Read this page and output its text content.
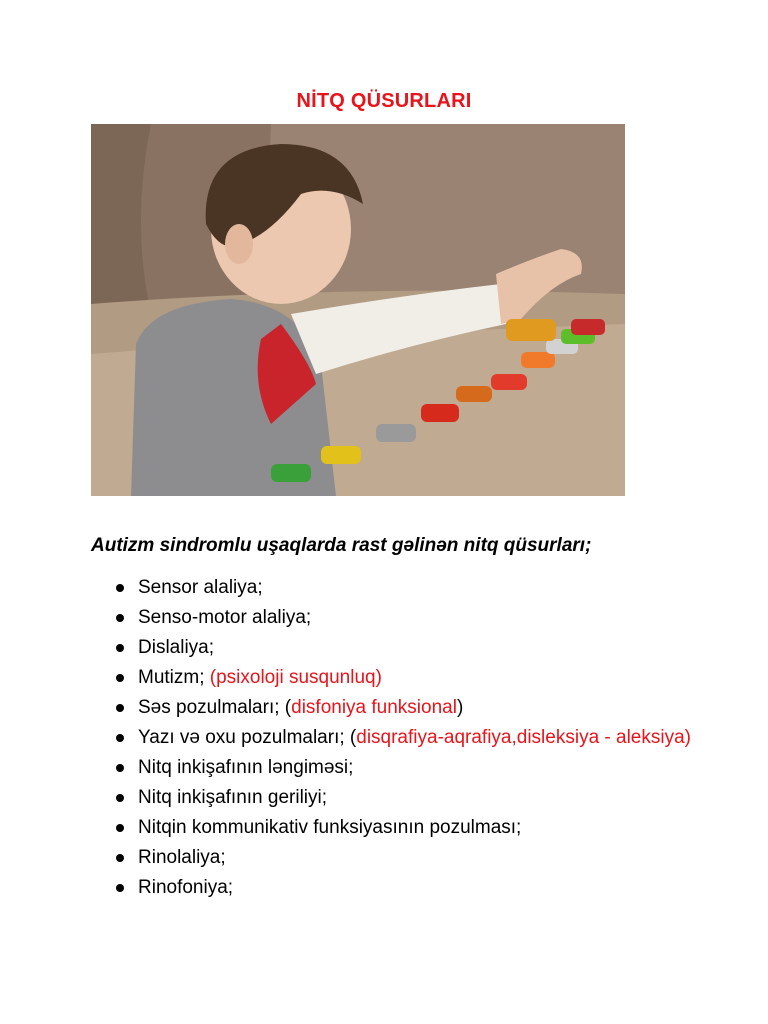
NİTQ QÜSURLARI
Autizm sindromlu uşaqlarda rast gəlinən nitq qüsurları;
Sensor alaliya;
Senso-motor alaliya;
Dislaliya;
Mutizm; (psixoloji susqunluq)
Səs pozulmaları; (disfoniya funksional)
Yazı və oxu pozulmaları; (disqrafiya-aqrafiya,disleksiya - aleksiya)
Nitq inkişafının ləngiməsi;
Nitq inkişafının geriliyi;
Nitqin kommunikativ funksiyasının pozulması;
Rinolaliya;
Rinofoniya;
